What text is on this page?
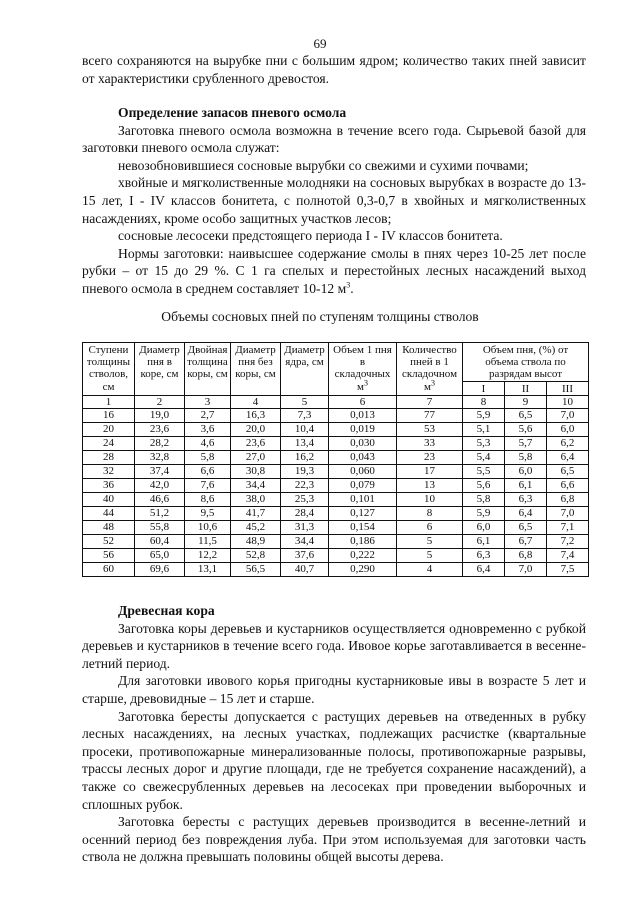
69

всего сохраняются на вырубке пни с большим ядром; количество таких пней зависит от характеристики срубленного древостоя.

Определение запасов пневого осмола

Заготовка пневого осмола возможна в течение всего года. Сырьевой базой для заготовки пневого осмола служат:

невозобновившиеся сосновые вырубки со свежими и сухими почвами;

хвойные и мягколиственные молодняки на сосновых вырубках в возрасте до 13-15 лет, I - IV классов бонитета, с полнотой 0,3-0,7 в хвойных и мягколиственных насаждениях, кроме особо защитных участков лесов;

сосновые лесосеки предстоящего периода I - IV классов бонитета.

Нормы заготовки: наивысшее содержание смолы в пнях через 10-25 лет после рубки – от 15 до 29 %. С 1 га спелых и перестойных лесных насаждений выход пневого осмола в среднем составляет 10-12 $м^3$.

Объемы сосновых пней по ступеням толщины стволов
Ступени толщины стволов, см	Диаметр пня в коре, см	Двойная толщина коры, см	Диаметр пня без коры, см	Диаметр ядра, см	Объем 1 пня в складочных $м^3$	Количество пней в 1 складочном $м^3$	Объем пня, (%) от объема ствола по разрядам высот		
							I	II	III
1	2	3	4	5	6	7	8	9	10
16	19,0	2,7	16,3	7,3	0,013	77	5,9	6,5	7,0
20	23,6	3,6	20,0	10,4	0,019	53	5,1	5,6	6,0
24	28,2	4,6	23,6	13,4	0,030	33	5,3	5,7	6,2
28	32,8	5,8	27,0	16,2	0,043	23	5,4	5,8	6,4
32	37,4	6,6	30,8	19,3	0,060	17	5,5	6,0	6,5
36	42,0	7,6	34,4	22,3	0,079	13	5,6	6,1	6,6
40	46,6	8,6	38,0	25,3	0,101	10	5,8	6,3	6,8
44	51,2	9,5	41,7	28,4	0,127	8	5,9	6,4	7,0
48	55,8	10,6	45,2	31,3	0,154	6	6,0	6,5	7,1
52	60,4	11,5	48,9	34,4	0,186	5	6,1	6,7	7,2
56	65,0	12,2	52,8	37,6	0,222	5	6,3	6,8	7,4
60	69,6	13,1	56,5	40,7	0,290	4	6,4	7,0	7,5

Древесная кора

Заготовка коры деревьев и кустарников осуществляется одновременно с рубкой деревьев и кустарников в течение всего года. Ивовое корье заготавливается в весенне-летний период.

Для заготовки ивового корья пригодны кустарниковые ивы в возрасте 5 лет и старше, древовидные – 15 лет и старше.

Заготовка бересты допускается с растущих деревьев на отведенных в рубку лесных насаждениях, на лесных участках, подлежащих расчистке (квартальные просеки, противопожарные минерализованные полосы, противопожарные разрывы, трассы лесных дорог и другие площади, где не требуется сохранение насаждений), а также со свежесрубленных деревьев на лесосеках при проведении выборочных и сплошных рубок.

Заготовка бересты с растущих деревьев производится в весенне-летний и осенний период без повреждения луба. При этом используемая для заготовки часть ствола не должна превышать половины общей высоты дерева.
